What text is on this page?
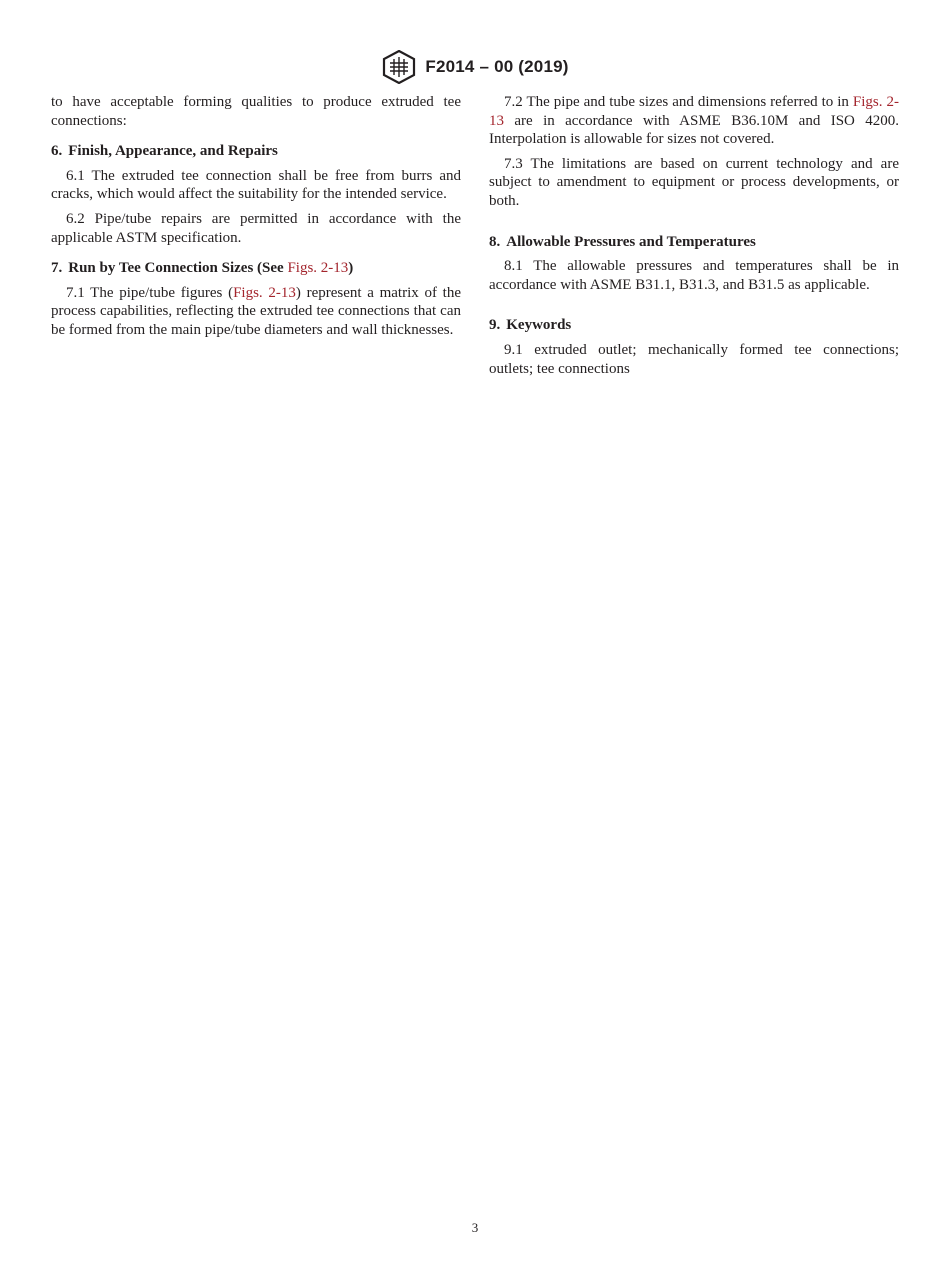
F2014 – 00 (2019)

to have acceptable forming qualities to produce extruded tee connections:

6. Finish, Appearance, and Repairs

6.1 The extruded tee connection shall be free from burrs and cracks, which would affect the suitability for the intended service.

6.2 Pipe/tube repairs are permitted in accordance with the applicable ASTM specification.

7. Run by Tee Connection Sizes (See Figs. 2-13)

7.1 The pipe/tube figures (Figs. 2-13) represent a matrix of the process capabilities, reflecting the extruded tee connections that can be formed from the main pipe/tube diameters and wall thicknesses.

7.2 The pipe and tube sizes and dimensions referred to in Figs. 2-13 are in accordance with ASME B36.10M and ISO 4200. Interpolation is allowable for sizes not covered.

7.3 The limitations are based on current technology and are subject to amendment to equipment or process developments, or both.

8. Allowable Pressures and Temperatures

8.1 The allowable pressures and temperatures shall be in accordance with ASME B31.1, B31.3, and B31.5 as applicable.

9. Keywords

9.1 extruded outlet; mechanically formed tee connections; outlets; tee connections

3
